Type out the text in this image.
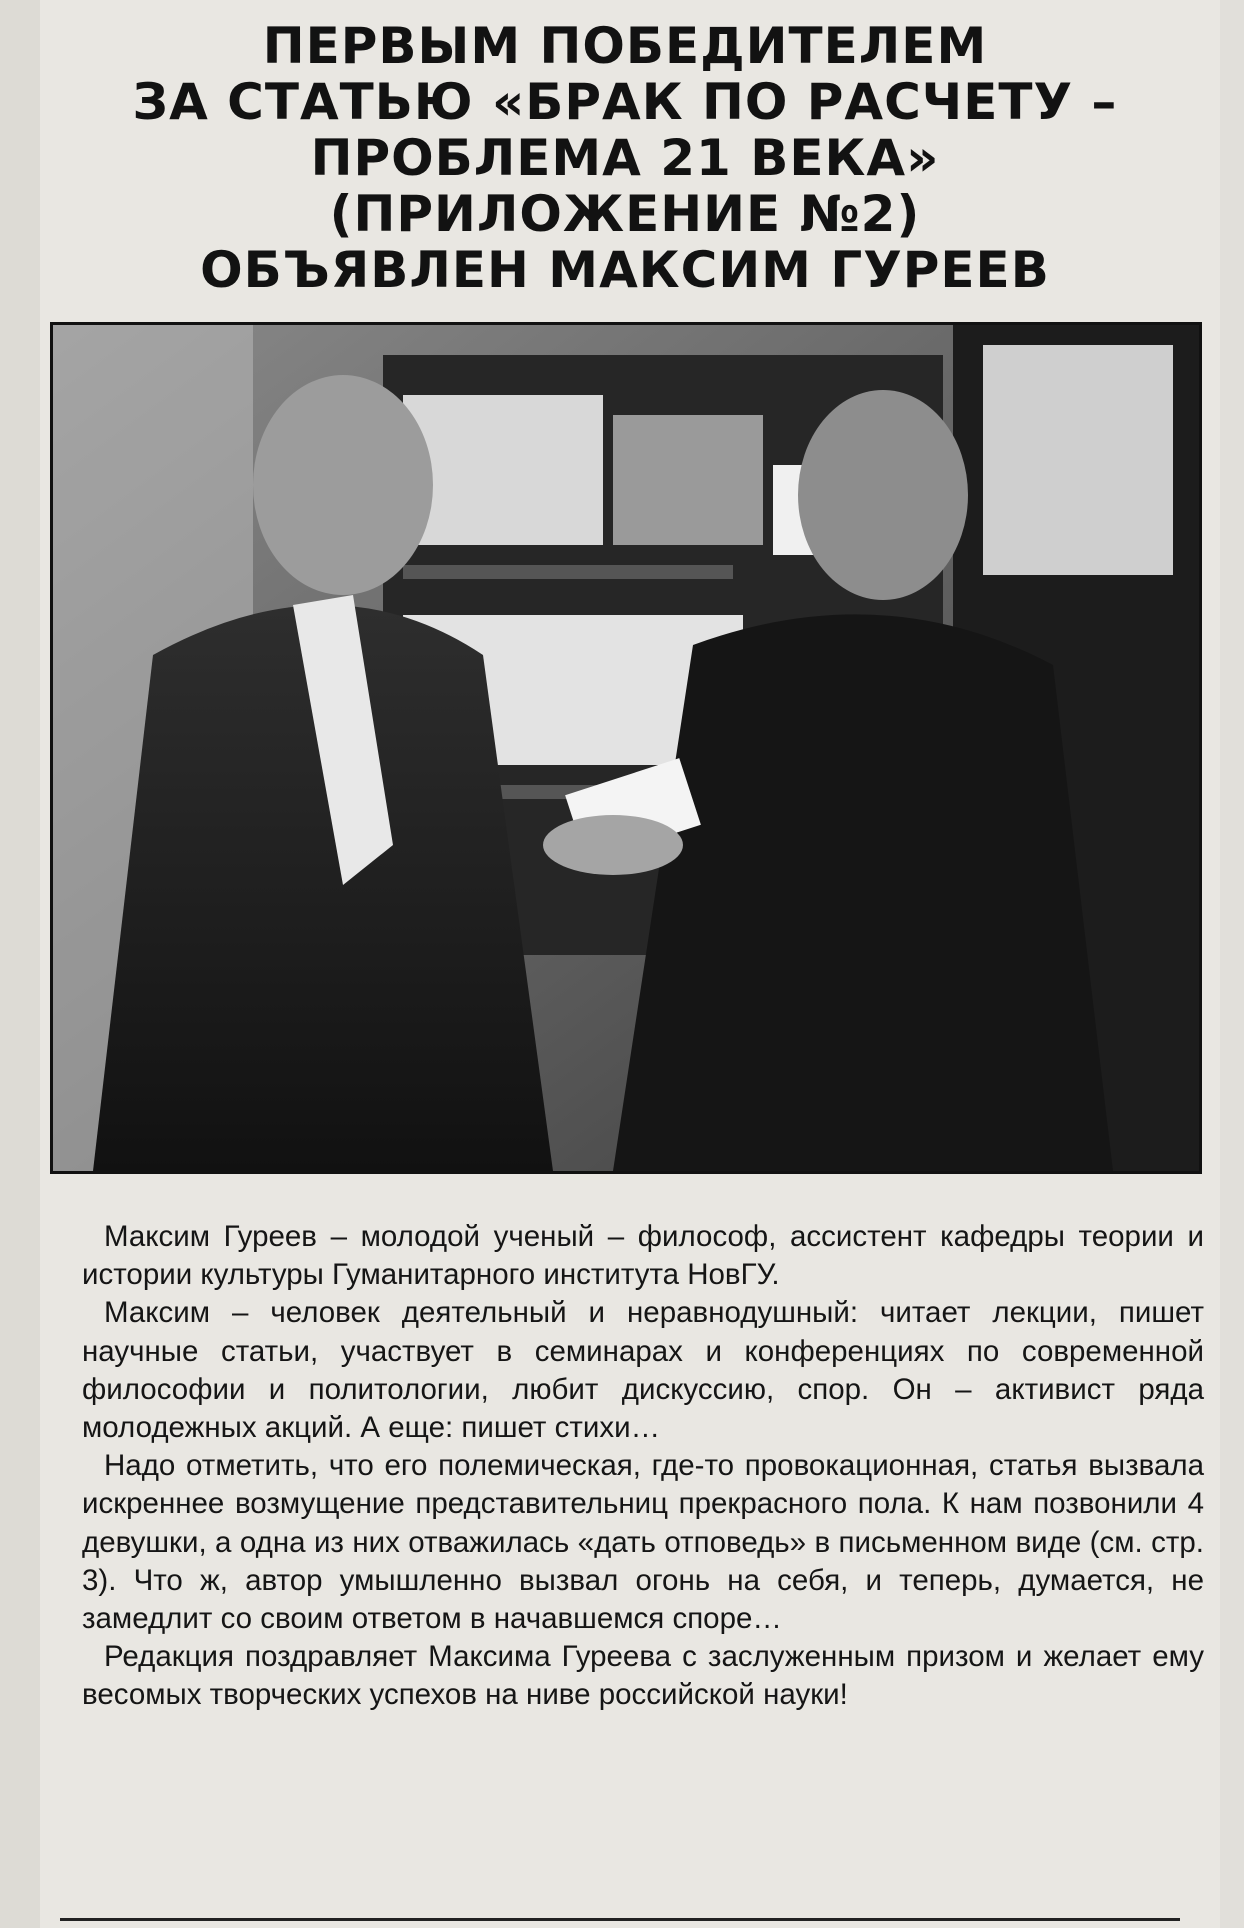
ПЕРВЫМ ПОБЕДИТЕЛЕМ
ЗА СТАТЬЮ «БРАК ПО РАСЧЕТУ –
ПРОБЛЕМА 21 ВЕКА»
(ПРИЛОЖЕНИЕ №2)
ОБЪЯВЛЕН МАКСИМ ГУРЕЕВ

Максим Гуреев – молодой ученый – философ, ассистент кафедры теории и истории культуры Гуманитарного института НовГУ.

Максим – человек деятельный и неравнодушный: читает лекции, пишет научные статьи, участвует в семинарах и конференциях по современной философии и политологии, любит дискуссию, спор. Он – активист ряда молодежных акций. А еще: пишет стихи…

Надо отметить, что его полемическая, где-то провокационная, статья вызвала искреннее возмущение представительниц прекрасного пола. К нам позвонили 4 девушки, а одна из них отважилась «дать отповедь» в письменном виде (см. стр. 3). Что ж, автор умышленно вызвал огонь на себя, и теперь, думается, не замедлит со своим ответом в начавшемся споре…

Редакция поздравляет Максима Гуреева с заслуженным призом и желает ему весомых творческих успехов на ниве российской науки!
